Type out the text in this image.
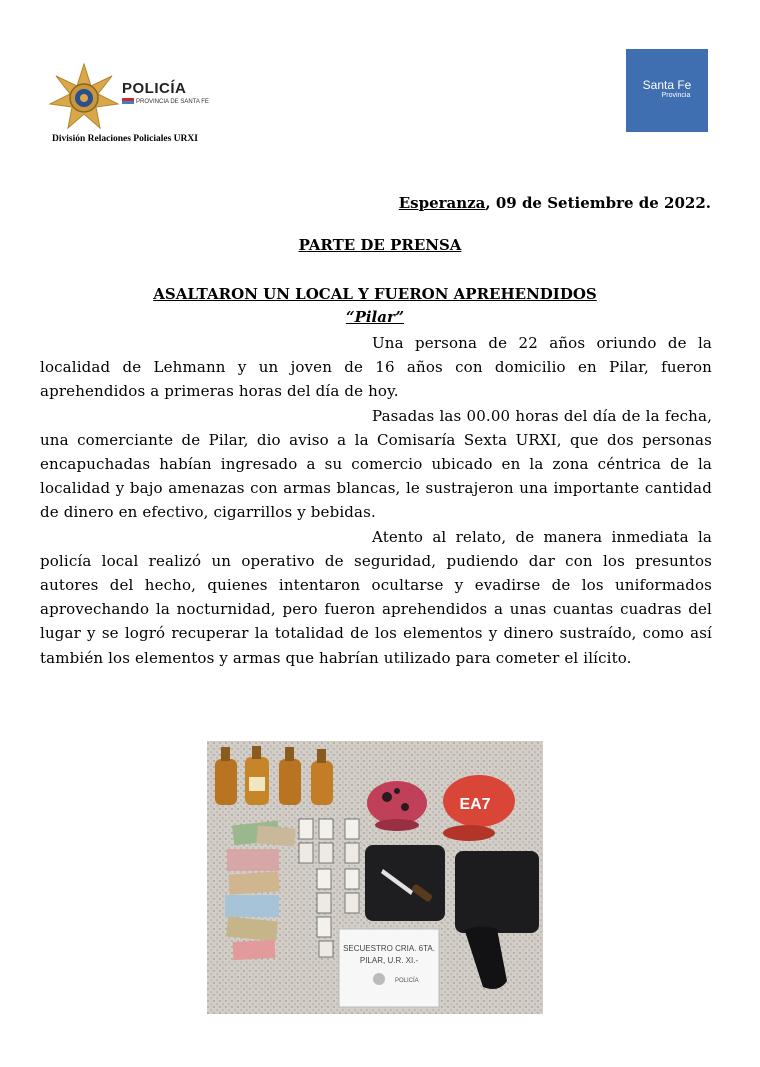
POLICÍA
PROVINCIA DE SANTA FE
División Relaciones Policiales URXI
Santa Fe
Provincia
Esperanza, 09 de Setiembre de 2022.
PARTE DE PRENSA
ASALTARON UN LOCAL Y FUERON APREHENDIDOS
“Pilar”

Una persona de 22 años oriundo de la localidad de Lehmann y un joven de 16 años con domicilio en Pilar, fueron aprehendidos a primeras horas del día de hoy.

Pasadas las 00.00 horas del día de la fecha, una comerciante de Pilar, dio aviso a la Comisaría Sexta URXI, que dos personas encapuchadas habían ingresado a su comercio ubicado en la zona céntrica de la localidad y bajo amenazas con armas blancas, le sustrajeron una importante cantidad de dinero en efectivo, cigarrillos y bebidas.

Atento al relato, de manera inmediata la policía local realizó un operativo de seguridad, pudiendo dar con los presuntos autores del hecho, quienes intentaron ocultarse y evadirse de los uniformados aprovechando la nocturnidad, pero fueron aprehendidos a unas cuantas cuadras del lugar y se logró recuperar la totalidad de los elementos y dinero sustraído, como así también los elementos y armas que habrían utilizado para cometer el ilícito.

EA7
SECUESTRO CRIA. 6TA.
PILAR, U.R. XI.-
POLICÍA
